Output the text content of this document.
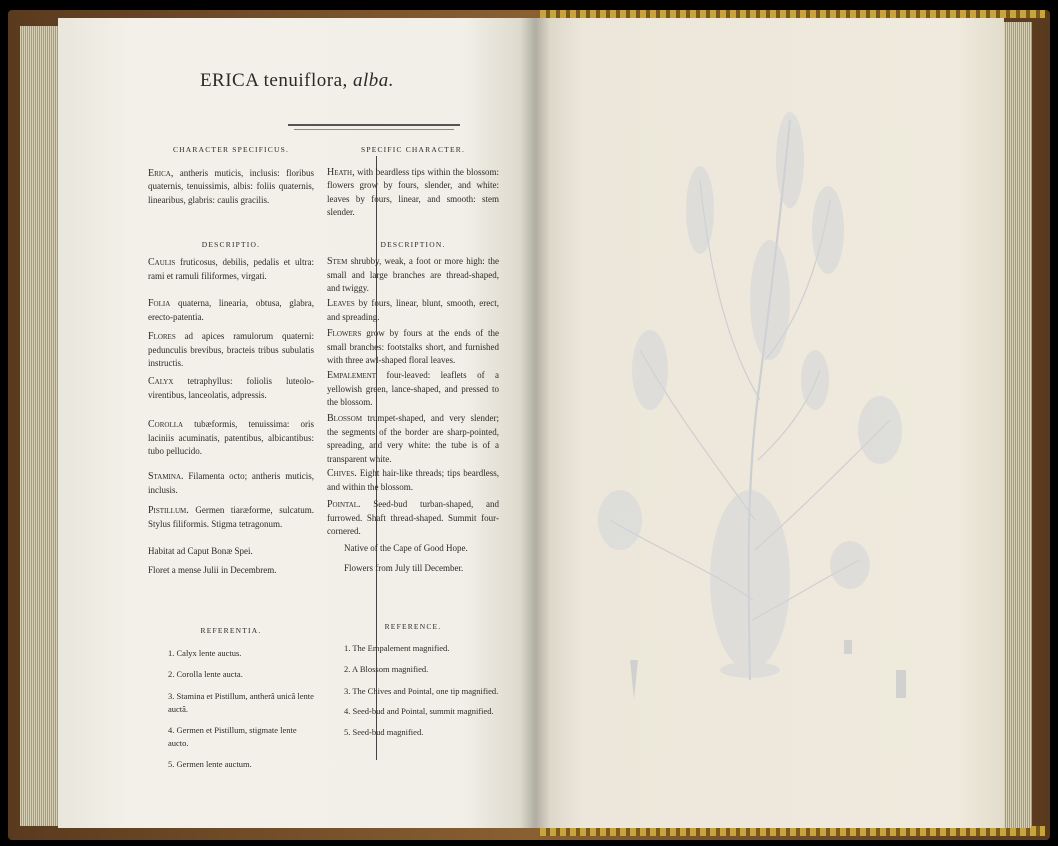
ERICA tenuiflora, alba.
CHARACTER SPECIFICUS.
Erica, antheris muticis, inclusis: floribus quaternis, tenuissimis, albis: foliis quaternis, linearibus, glabris: caulis gracilis.
DESCRIPTIO.
Caulis fruticosus, debilis, pedalis et ultra: rami et ramuli filiformes, virgati.
Folia quaterna, linearia, obtusa, glabra, erecto-patentia.
Flores ad apices ramulorum quaterni: pedunculis brevibus, bracteis tribus subulatis instructis.
Calyx tetraphyllus: foliolis luteolo-virentibus, lanceolatis, adpressis.
Corolla tubæformis, tenuissima: oris laciniis acuminatis, patentibus, albicantibus: tubo pellucido.
Stamina. Filamenta octo; antheris muticis, inclusis.
Pistillum. Germen tiaræforme, sulcatum. Stylus filiformis. Stigma tetragonum.
Habitat ad Caput Bonæ Spei.
Floret a mense Julii in Decembrem.
REFERENTIA.
1. Calyx lente auctus.
2. Corolla lente aucta.
3. Stamina et Pistillum, antherâ unicâ lente auctâ.
4. Germen et Pistillum, stigmate lente aucto.
5. Germen lente auctum.
SPECIFIC CHARACTER.
Heath, with beardless tips within the blossom: flowers grow by fours, slender, and white: leaves by fours, linear, and smooth: stem slender.
DESCRIPTION.
Stem shrubby, weak, a foot or more high: the small and large branches are thread-shaped, and twiggy.
Leaves by fours, linear, blunt, smooth, erect, and spreading.
Flowers grow by fours at the ends of the small branches: footstalks short, and furnished with three awl-shaped floral leaves.
Empalement four-leaved: leaflets of a yellowish green, lance-shaped, and pressed to the blossom.
Blossom trumpet-shaped, and very slender; the segments of the border are sharp-pointed, spreading, and very white: the tube is of a transparent white.
Chives. Eight hair-like threads; tips beardless, and within the blossom.
Pointal. Seed-bud turban-shaped, and furrowed. Shaft thread-shaped. Summit four-cornered.
Native of the Cape of Good Hope.
Flowers from July till December.
REFERENCE.
1. The Empalement magnified.
2. A Blossom magnified.
3. The Chives and Pointal, one tip magnified.
4. Seed-bud and Pointal, summit magnified.
5. Seed-bud magnified.
